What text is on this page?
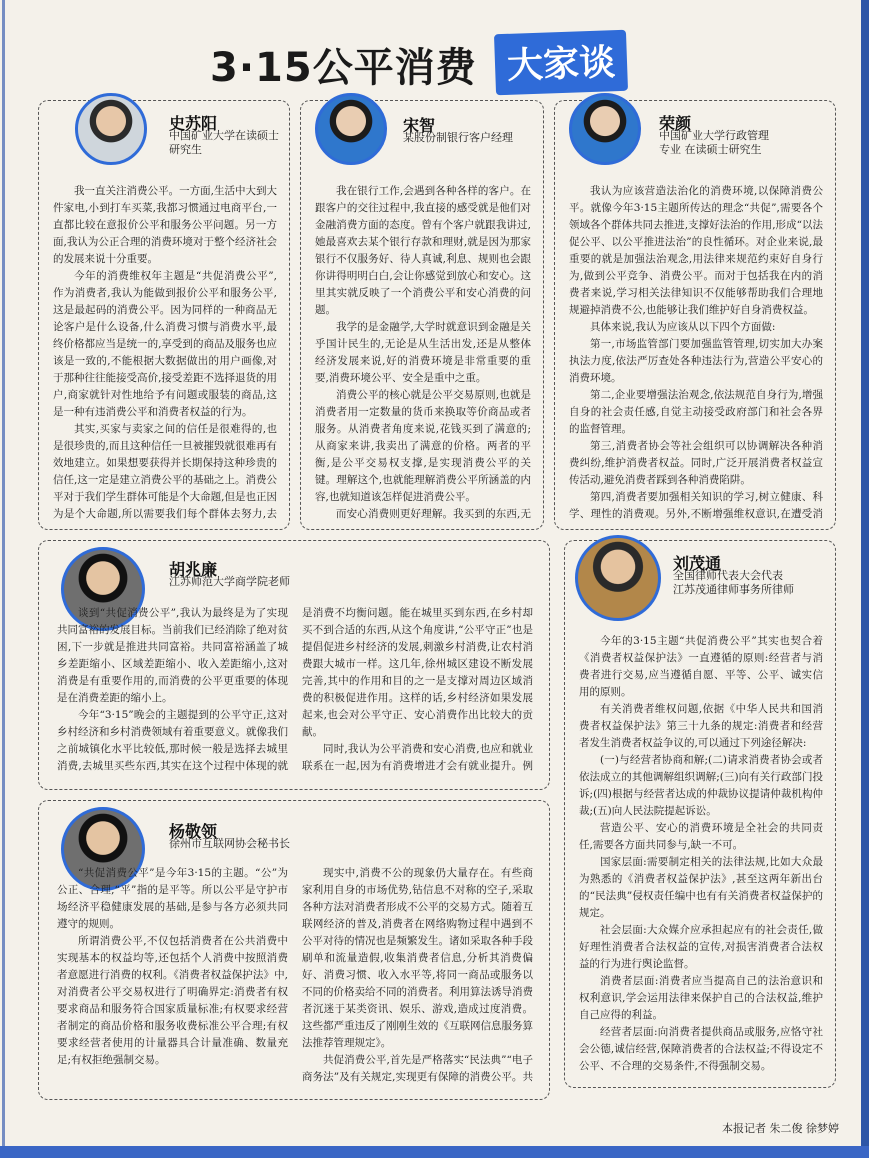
3·15公平消费 大家谈
史苏阳
中国矿业大学在读硕士
研究生

我一直关注消费公平。一方面,生活中大到大件家电,小到打车买菜,我都习惯通过电商平台,一直都比较在意报价公平和服务公平问题。另一方面,我认为公正合理的消费环境对于整个经济社会的发展来说十分重要。

今年的消费维权年主题是“共促消费公平”,作为消费者,我认为能做到报价公平和服务公平,这是最起码的消费公平。因为同样的一种商品无论客户是什么设备,什么消费习惯与消费水平,最终价格都应当是统一的,享受到的商品及服务也应该是一致的,不能根据大数据做出的用户画像,对于那种往往能接受高价,接受差距不选择退货的用户,商家就针对性地给予有问题或服装的商品,这是一种有违消费公平和消费者权益的行为。

其实,买家与卖家之间的信任是很难得的,也是很珍贵的,而且这种信任一旦被摧毁就很难再有效地建立。如果想要获得并长期保持这种珍贵的信任,这一定是建立消费公平的基础之上。消费公平对于我们学生群体可能是个大命题,但是也正因为是个大命题,所以需要我们每个群体去努力,去

宋智
某股份制银行客户经理

我在银行工作,会遇到各种各样的客户。在跟客户的交往过程中,我直接的感受就是他们对金融消费方面的态度。曾有个客户就跟我讲过,她最喜欢去某个银行存款和理财,就是因为那家银行不仅服务好、待人真诚,利息、规则也会跟你讲得明明白白,会让你感觉到放心和安心。这里其实就反映了一个消费公平和安心消费的问题。

我学的是金融学,大学时就意识到金融是关乎国计民生的,无论是从生活出发,还是从整体经济发展来说,好的消费环境是非常重要的重要,消费环境公平、安全是重中之重。

消费公平的核心就是公平交易原则,也就是消费者用一定数量的货币来换取等价商品或者服务。从消费者角度来说,花钱买到了满意的;从商家来讲,我卖出了满意的价格。两者的平衡,是公平交易权支撑,是实现消费公平的关键。理解这个,也就能理解消费公平所涵盖的内容,也就知道该怎样促进消费公平。

而安心消费则更好理解。我买到的东西,无

荣颜
中国矿业大学行政管理
专业 在读硕士研究生

我认为应该营造法治化的消费环境,以保障消费公平。就像今年3·15主题所传达的理念“共促”,需要各个领域各个群体共同去推进,支撑好法治的作用,形成“以法促公平、以公平推进法治”的良性循环。对企业来说,最重要的就是加强法治观念,用法律来规范约束好自身行为,做到公平竞争、消费公平。而对于包括我在内的消费者来说,学习相关法律知识不仅能够帮助我们合理地规避掉消费不公,也能够让我们维护好自身消费权益。

具体来说,我认为应该从以下四个方面做:

第一,市场监管部门要加强监管管理,切实加大办案执法力度,依法严厉查处各种违法行为,营造公平安心的消费环境。

第二,企业要增强法治观念,依法规范自身行为,增强自身的社会责任感,自觉主动接受政府部门和社会各界的监督管理。

第三,消费者协会等社会组织可以协调解决各种消费纠纷,维护消费者权益。同时,广泛开展消费者权益宣传活动,避免消费者踩到各种消费陷阱。

第四,消费者要加强相关知识的学习,树立健康、科学、理性的消费观。另外,不断增强维权意识,在遭受消

胡兆廉
江苏师范大学商学院老师

谈到“共促消费公平”,我认为最终是为了实现共同富裕的发展目标。当前我们已经消除了绝对贫困,下一步就是推进共同富裕。共同富裕涵盖了城乡差距缩小、区域差距缩小、收入差距缩小,这对消费是有重要作用的,而消费的公平更重要的体现是在消费差距的缩小上。

今年“3·15”晚会的主题提到的公平守正,这对乡村经济和乡村消费领域有着重要意义。就像我们之前城镇化水平比较低,那时候一般是选择去城里消费,去城里买些东西,其实在这个过程中体现的就是消费不均衡问题。能在城里买到东西,在乡村却买不到合适的东西,从这个角度讲,“公平守正”也是提倡促进乡村经济的发展,刺激乡村消费,让农村消费跟大城市一样。这几年,徐州城区建设不断发展完善,其中的作用和目的之一是支撑对周边区域消费的积极促进作用。这样的话,乡村经济如果发展起来,也会对公平守正、安心消费作出比较大的贡献。

同时,我认为公平消费和安心消费,也应和就业联系在一起,因为有消费增进才会有就业提升。例

刘茂通
全国律师代表大会代表
江苏茂通律师事务所律师

今年的3·15主题“共促消费公平”其实也契合着《消费者权益保护法》一直遵循的原则:经营者与消费者进行交易,应当遵循自愿、平等、公平、诚实信用的原则。

有关消费者维权问题,依据《中华人民共和国消费者权益保护法》第三十九条的规定:消费者和经营者发生消费者权益争议的,可以通过下列途径解决:

(一)与经营者协商和解;(二)请求消费者协会或者依法成立的其他调解组织调解;(三)向有关行政部门投诉;(四)根据与经营者达成的仲裁协议提请仲裁机构仲裁;(五)向人民法院提起诉讼。

营造公平、安心的消费环境是全社会的共同责任,需要各方面共同参与,缺一不可。

国家层面:需要制定相关的法律法规,比如大众最为熟悉的《消费者权益保护法》,甚至这两年新出台的“民法典”侵权责任编中也有有关消费者权益保护的规定。

社会层面:大众媒介应承担起应有的社会责任,做好理性消费者合法权益的宣传,对损害消费者合法权益的行为进行舆论监督。

消费者层面:消费者应当提高自己的法治意识和权利意识,学会运用法律来保护自己的合法权益,维护自己应得的利益。

经营者层面:向消费者提供商品或服务,应恪守社会公德,诚信经营,保障消费者的合法权益;不得设定不公平、不合理的交易条件,不得强制交易。

杨敬领
徐州市互联网协会秘书长

“共促消费公平”是今年3·15的主题。“公”为公正、合理,“平”指的是平等。所以公平是守护市场经济平稳健康发展的基础,是参与各方必须共同遵守的规则。

所谓消费公平,不仅包括消费者在公共消费中实现基本的权益均等,还包括个人消费中按照消费者意愿进行消费的权利。《消费者权益保护法》中,对消费者公平交易权进行了明确界定:消费者有权要求商品和服务符合国家质量标准;有权要求经营者制定的商品价格和服务收费标准公平合理;有权要求经营者使用的计量器具合计量准确、数量充足;有权拒绝强制交易。

现实中,消费不公的现象仍大量存在。有些商家利用自身的市场优势,钻信息不对称的空子,采取各种方法对消费者形成不公平的交易方式。随着互联网经济的普及,消费者在网络购物过程中遇到不公平对待的情况也是频繁发生。诸如采取各种手段刷单和流量造假,收集消费者信息,分析其消费偏好、消费习惯、收入水平等,将同一商品或服务以不同的价格卖给不同的消费者。利用算法诱导消费者沉迷于某类资讯、娱乐、游戏,造成过度消费。这些都严重违反了刚刚生效的《互联网信息服务算法推荐管理规定》。

共促消费公平,首先是严格落实“民法典”“电子商务法”及有关规定,实现更有保障的消费公平。共

本报记者 朱二俊 徐梦婷
